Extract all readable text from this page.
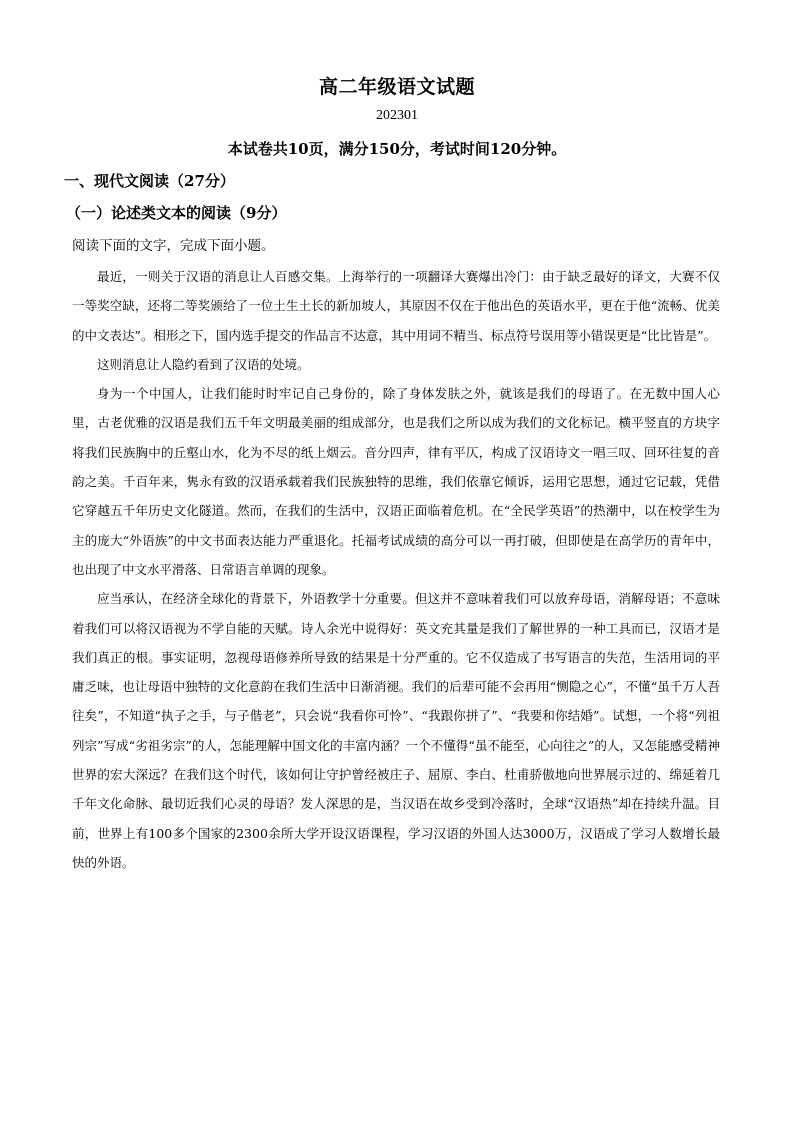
高二年级语文试题
202301
本试卷共10页，满分150分，考试时间120分钟。
一、现代文阅读（27分）
（一）论述类文本的阅读（9分）
阅读下面的文字，完成下面小题。

最近，一则关于汉语的消息让人百感交集。上海举行的一项翻译大赛爆出冷门：由于缺乏最好的译文，大赛不仅一等奖空缺，还将二等奖颁给了一位土生土长的新加坡人，其原因不仅在于他出色的英语水平，更在于他“流畅、优美的中文表达”。相形之下，国内选手提交的作品言不达意，其中用词不精当、标点符号误用等小错误更是“比比皆是”。

这则消息让人隐约看到了汉语的处境。

身为一个中国人，让我们能时时牢记自己身份的，除了身体发肤之外，就该是我们的母语了。在无数中国人心里，古老优雅的汉语是我们五千年文明最美丽的组成部分，也是我们之所以成为我们的文化标记。横平竖直的方块字将我们民族胸中的丘壑山水，化为不尽的纸上烟云。音分四声，律有平仄，构成了汉语诗文一唱三叹、回环往复的音韵之美。千百年来，隽永有致的汉语承载着我们民族独特的思维，我们依靠它倾诉，运用它思想，通过它记载，凭借它穿越五千年历史文化隧道。然而，在我们的生活中，汉语正面临着危机。在“全民学英语”的热潮中，以在校学生为主的庞大“外语族”的中文书面表达能力严重退化。托福考试成绩的高分可以一再打破，但即使是在高学历的青年中，也出现了中文水平滑落、日常语言单调的现象。

应当承认，在经济全球化的背景下，外语教学十分重要。但这并不意味着我们可以放弃母语，消解母语；不意味着我们可以将汉语视为不学自能的天赋。诗人余光中说得好：英文充其量是我们了解世界的一种工具而已，汉语才是我们真正的根。事实证明，忽视母语修养所导致的结果是十分严重的。它不仅造成了书写语言的失范，生活用词的平庸乏味，也让母语中独特的文化意韵在我们生活中日渐消褪。我们的后辈可能不会再用“恻隐之心”，不懂“虽千万人吾往矣”，不知道“执子之手，与子偕老”，只会说“我看你可怜”、“我跟你拼了”、“我要和你结婚”。试想，一个将“列祖列宗”写成“劣祖劣宗”的人，怎能理解中国文化的丰富内涵？一个不懂得“虽不能至，心向往之”的人，又怎能感受精神世界的宏大深远？在我们这个时代，该如何让守护曾经被庄子、屈原、李白、杜甫骄傲地向世界展示过的、绵延着几千年文化命脉、最切近我们心灵的母语？发人深思的是，当汉语在故乡受到冷落时，全球“汉语热”却在持续升温。目前，世界上有100多个国家的2300余所大学开设汉语课程，学习汉语的外国人达3000万，汉语成了学习人数增长最快的外语。
